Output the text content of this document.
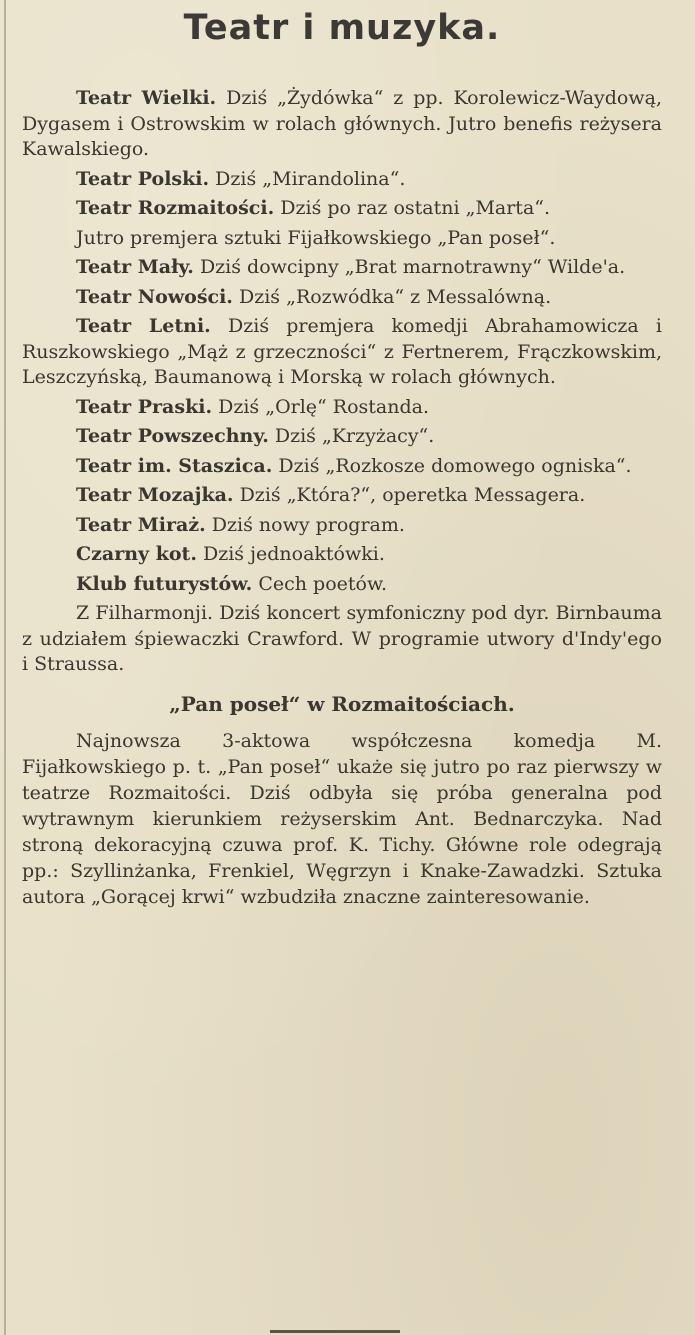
Teatr i muzyka.

Teatr Wielki. Dziś „Żydówka“ z pp. Korolewicz-Waydową, Dygasem i Ostrowskim w rolach głównych. Jutro benefis reżysera Kawalskiego.

Teatr Polski. Dziś „Mirandolina“.

Teatr Rozmaitości. Dziś po raz ostatni „Marta“.

Jutro premjera sztuki Fijałkowskiego „Pan poseł“.

Teatr Mały. Dziś dowcipny „Brat marnotrawny“ Wilde'a.

Teatr Nowości. Dziś „Rozwódka“ z Messalówną.

Teatr Letni. Dziś premjera komedji Abrahamowicza i Ruszkowskiego „Mąż z grzeczności“ z Fertnerem, Frączkowskim, Leszczyńską, Baumanową i Morską w rolach głównych.

Teatr Praski. Dziś „Orlę“ Rostanda.

Teatr Powszechny. Dziś „Krzyżacy“.

Teatr im. Staszica. Dziś „Rozkosze domowego ogniska“.

Teatr Mozajka. Dziś „Która?“, operetka Messagera.

Teatr Miraż. Dziś nowy program.

Czarny kot. Dziś jednoaktówki.

Klub futurystów. Cech poetów.

Z Filharmonji. Dziś koncert symfoniczny pod dyr. Birnbauma z udziałem śpiewaczki Crawford. W programie utwory d'Indy'ego i Straussa.

„Pan poseł“ w Rozmaitościach.

Najnowsza 3-aktowa współczesna komedja M. Fijałkowskiego p. t. „Pan poseł“ ukaże się jutro po raz pierwszy w teatrze Rozmaitości. Dziś odbyła się próba generalna pod wytrawnym kierunkiem reżyserskim Ant. Bednarczyka. Nad stroną dekoracyjną czuwa prof. K. Tichy. Główne role odegrają pp.: Szyllinżanka, Frenkiel, Węgrzyn i Knake-Zawadzki. Sztuka autora „Gorącej krwi“ wzbudziła znaczne zainteresowanie.
